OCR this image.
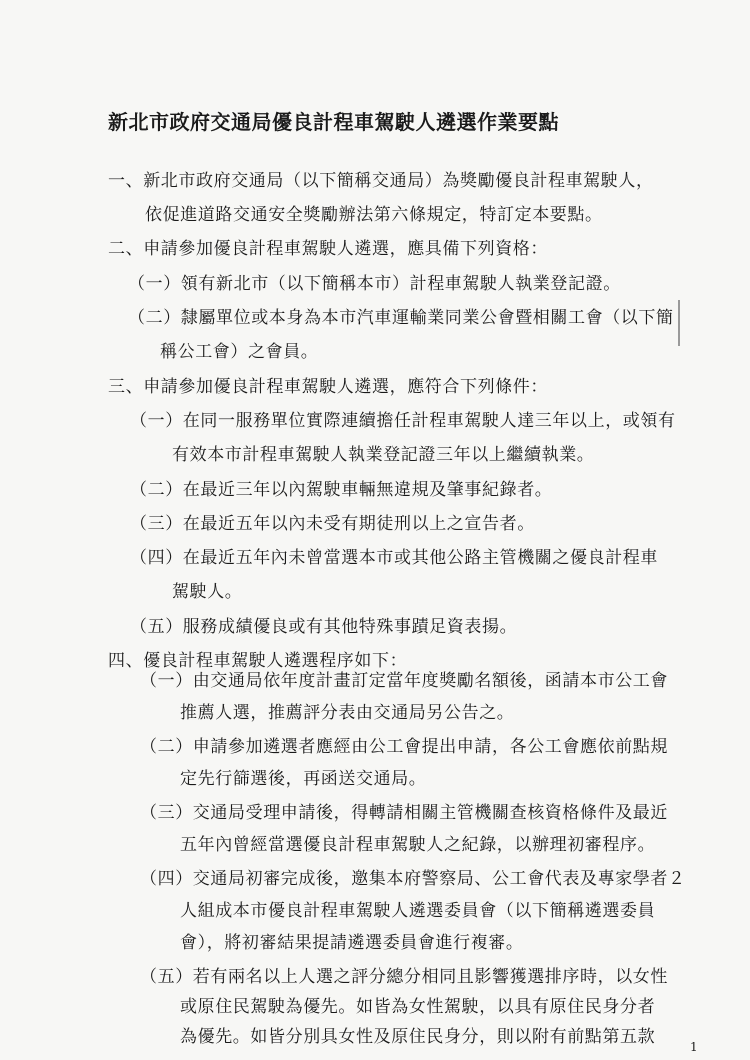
新北市政府交通局優良計程車駕駛人遴選作業要點
一、新北市政府交通局（以下簡稱交通局）為獎勵優良計程車駕駛人，
依促進道路交通安全獎勵辦法第六條規定，特訂定本要點。
二、申請參加優良計程車駕駛人遴選，應具備下列資格：
（一）領有新北市（以下簡稱本市）計程車駕駛人執業登記證。
（二）隸屬單位或本身為本市汽車運輸業同業公會暨相關工會（以下簡
稱公工會）之會員。
三、申請參加優良計程車駕駛人遴選，應符合下列條件：
（一）在同一服務單位實際連續擔任計程車駕駛人達三年以上，或領有
有效本市計程車駕駛人執業登記證三年以上繼續執業。
（二）在最近三年以內駕駛車輛無違規及肇事紀錄者。
（三）在最近五年以內未受有期徒刑以上之宣告者。
（四）在最近五年內未曾當選本市或其他公路主管機關之優良計程車
駕駛人。
（五）服務成績優良或有其他特殊事蹟足資表揚。
四、優良計程車駕駛人遴選程序如下：
（一）由交通局依年度計畫訂定當年度獎勵名額後，函請本市公工會
推薦人選，推薦評分表由交通局另公告之。
（二）申請參加遴選者應經由公工會提出申請，各公工會應依前點規
定先行篩選後，再函送交通局。
（三）交通局受理申請後，得轉請相關主管機關查核資格條件及最近
五年內曾經當選優良計程車駕駛人之紀錄，以辦理初審程序。
（四）交通局初審完成後，邀集本府警察局、公工會代表及專家學者２
人組成本市優良計程車駕駛人遴選委員會（以下簡稱遴選委員
會），將初審結果提請遴選委員會進行複審。
（五）若有兩名以上人選之評分總分相同且影響獲選排序時，以女性
或原住民駕駛為優先。如皆為女性駕駛，以具有原住民身分者
為優先。如皆分別具女性及原住民身分，則以附有前點第五款	1
